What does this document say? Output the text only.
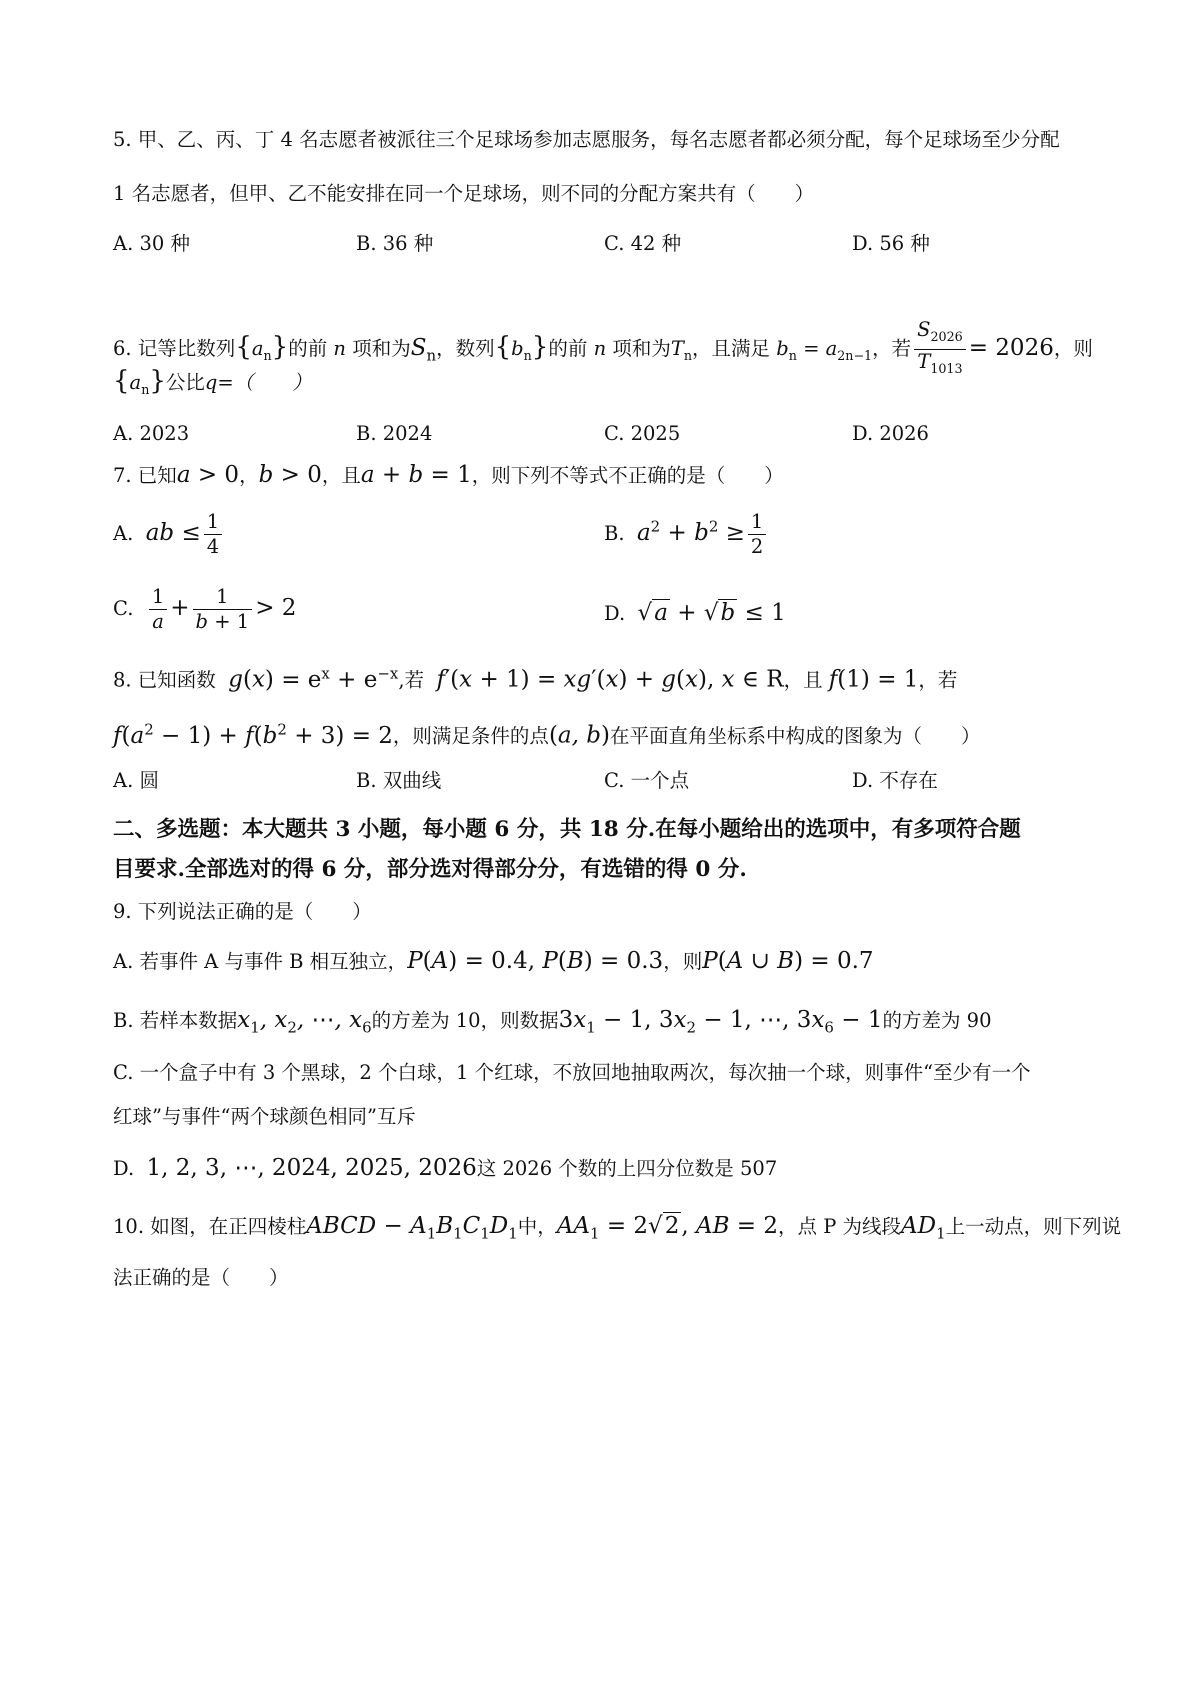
5. 甲、乙、丙、丁 4 名志愿者被派往三个足球场参加志愿服务，每名志愿者都必须分配，每个足球场至少分配
1 名志愿者，但甲、乙不能安排在同一个足球场，则不同的分配方案共有（　　）
A. 30 种	B. 36 种	C. 42 种	D. 56 种
6. 记等比数列$\{a_n\}$的前 n 项和为$S_n$，数列$\{b_n\}$的前 n 项和为$T_n$，且满足 $b_n = a_{2n-1}$，若 $\frac{S_{2026}}{T_{1013}} = 2026$，则
$\{a_n\}$公比q=（　　）
A. 2023	B. 2024	C. 2025	D. 2026
7. 已知a > 0，b > 0，且a + b = 1，则下列不等式不正确的是（　　）
A. ab ≤ $\frac{1}{4}$	B. $a^2 + b^2 \ge \frac{1}{2}$
C. $\frac{1}{a} + \frac{1}{b + 1} > 2$	D. √a + √b ≤ 1
8. 已知函数 $g(x) = e^x + e^{-x}$,若 f′(x + 1) = xg′(x) + g(x), x ∈ R，且 f(1) = 1，若
$f(a^2 - 1) + f(b^2 + 3) = 2$，则满足条件的点(a, b)在平面直角坐标系中构成的图象为（　　）
A. 圆	B. 双曲线	C. 一个点	D. 不存在
二、多选题：本大题共 3 小题，每小题 6 分，共 18 分.在每小题给出的选项中，有多项符合题
目要求.全部选对的得 6 分，部分选对得部分分，有选错的得 0 分.
9. 下列说法正确的是（　　）
A. 若事件 A 与事件 B 相互独立，P(A) = 0.4, P(B) = 0.3，则P(A ∪ B) = 0.7
B. 若样本数据$x_1$, $x_2$, ⋯, $x_6$的方差为 10，则数据$3x_1 - 1$, $3x_2 - 1$, ⋯, $3x_6 - 1$的方差为 90
C. 一个盒子中有 3 个黑球，2 个白球，1 个红球，不放回地抽取两次，每次抽一个球，则事件“至少有一个
红球”与事件“两个球颜色相同”互斥
D. 1, 2, 3, ⋯, 2024, 2025, 2026这 2026 个数的上四分位数是 507
10. 如图，在正四棱柱ABCD − $A_1B_1C_1D_1$中，$AA_1 = 2√2$, AB = 2，点 P 为线段$AD_1$上一动点，则下列说
法正确的是（　　）
